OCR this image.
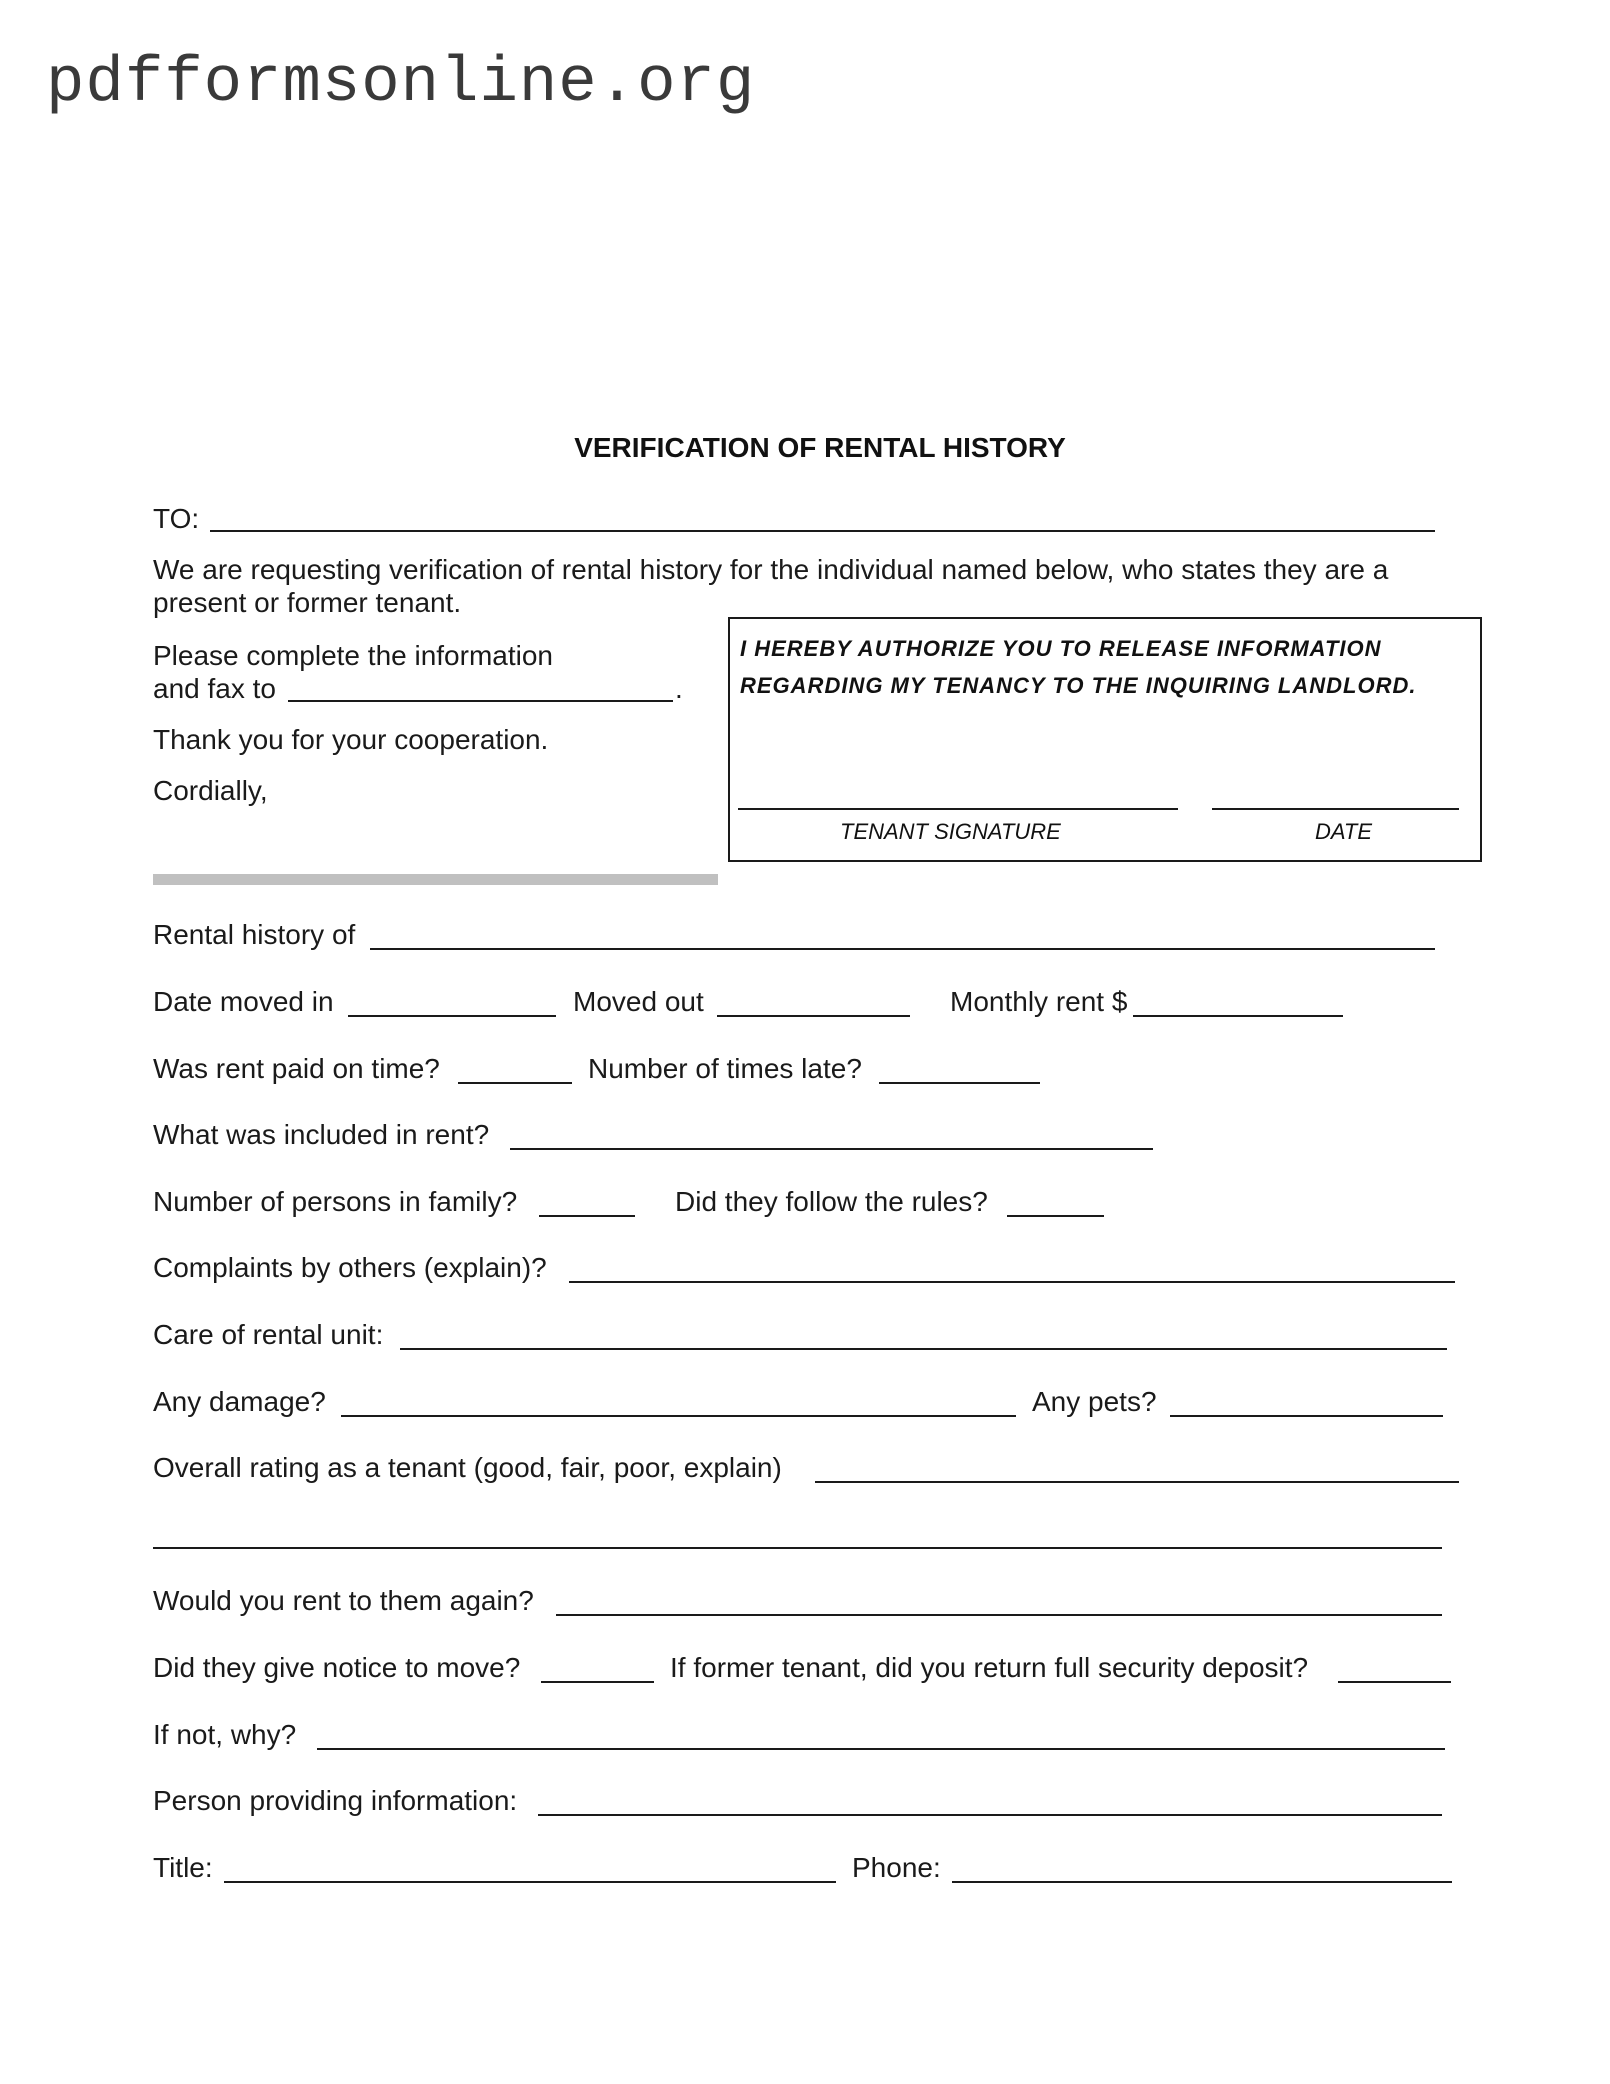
pdfformsonline.org
VERIFICATION OF RENTAL HISTORY
TO:
We are requesting verification of rental history for the individual named below, who states they are a
present or former tenant.
Please complete the information
and fax to	.
Thank you for your cooperation.
Cordially,
I HEREBY AUTHORIZE YOU TO RELEASE INFORMATION
REGARDING MY TENANCY TO THE INQUIRING LANDLORD.
TENANT SIGNATURE	DATE
Rental history of
Date moved in	Moved out	Monthly rent $
Was rent paid on time?	Number of times late?
What was included in rent?
Number of persons in family?	Did they follow the rules?
Complaints by others (explain)?
Care of rental unit:
Any damage?	Any pets?
Overall rating as a tenant (good, fair, poor, explain)
Would you rent to them again?
Did they give notice to move?	If former tenant, did you return full security deposit?
If not, why?
Person providing information:
Title:	Phone:
